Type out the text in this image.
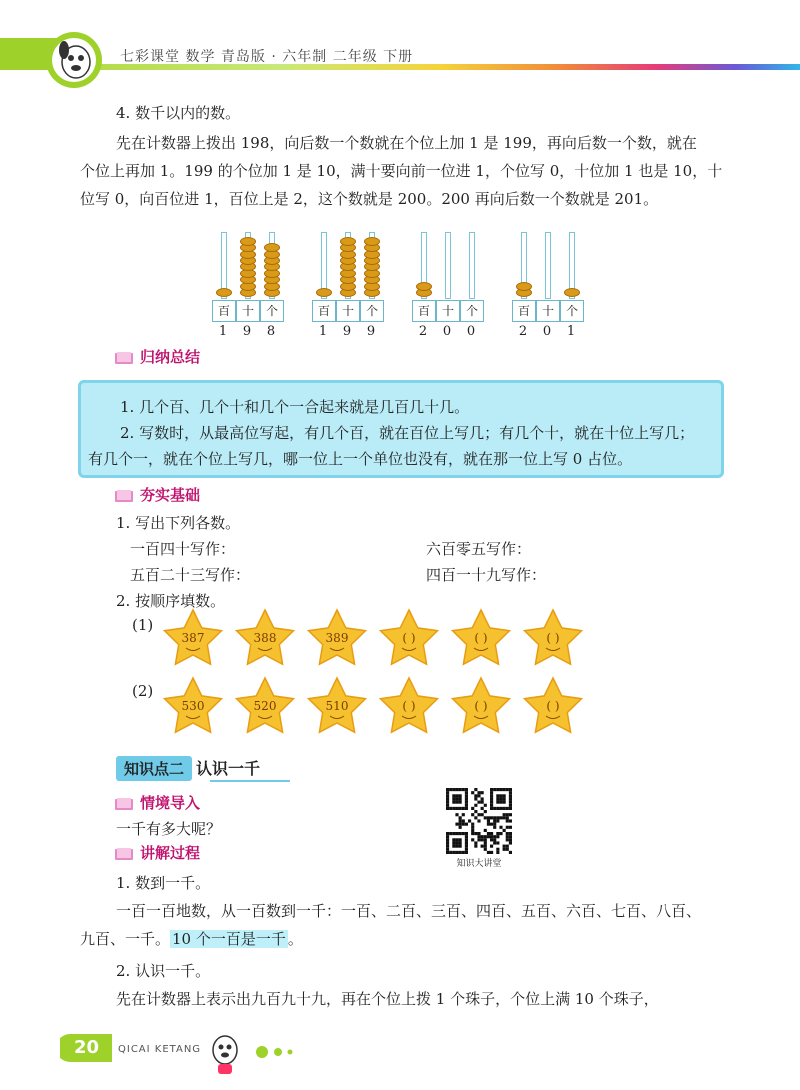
七彩课堂 数学 青岛版 · 六年制 二年级 下册
4. 数千以内的数。
先在计数器上拨出 198，向后数一个数就在个位上加 1 是 199，再向后数一个数，就在
个位上再加 1。199 的个位加 1 是 10，满十要向前一位进 1，个位写 0，十位加 1 也是 10，十
位写 0，向百位进 1，百位上是 2，这个数就是 200。200 再向后数一个数就是 201。
百
1
十
9
个
8
百
1
十
9
个
9
百
2
十
0
个
0
百
2
十
0
个
1
归纳总结
1. 几个百、几个十和几个一合起来就是几百几十几。
2. 写数时，从最高位写起，有几个百，就在百位上写几；有几个十，就在十位上写几；
有几个一，就在个位上写几，哪一位上一个单位也没有，就在那一位上写 0 占位。
夯实基础
1. 写出下列各数。
一百四十写作：	六百零五写作：
五百二十三写作：	四百一十九写作：
2. 按顺序填数。
(1)
(2)
387	388	389	( )	( )	( )
530	520	510	( )	( )	( )
知识点二 认识一千
情境导入
一千有多大呢？
知识大讲堂
讲解过程
1. 数到一千。
一百一百地数，从一百数到一千：一百、二百、三百、四百、五百、六百、七百、八百、
九百、一千。 10 个一百是一千 。
2. 认识一千。
先在计数器上表示出九百九十九，再在个位上拨 1 个珠子，个位上满 10 个珠子，
20 QICAI KETANG
